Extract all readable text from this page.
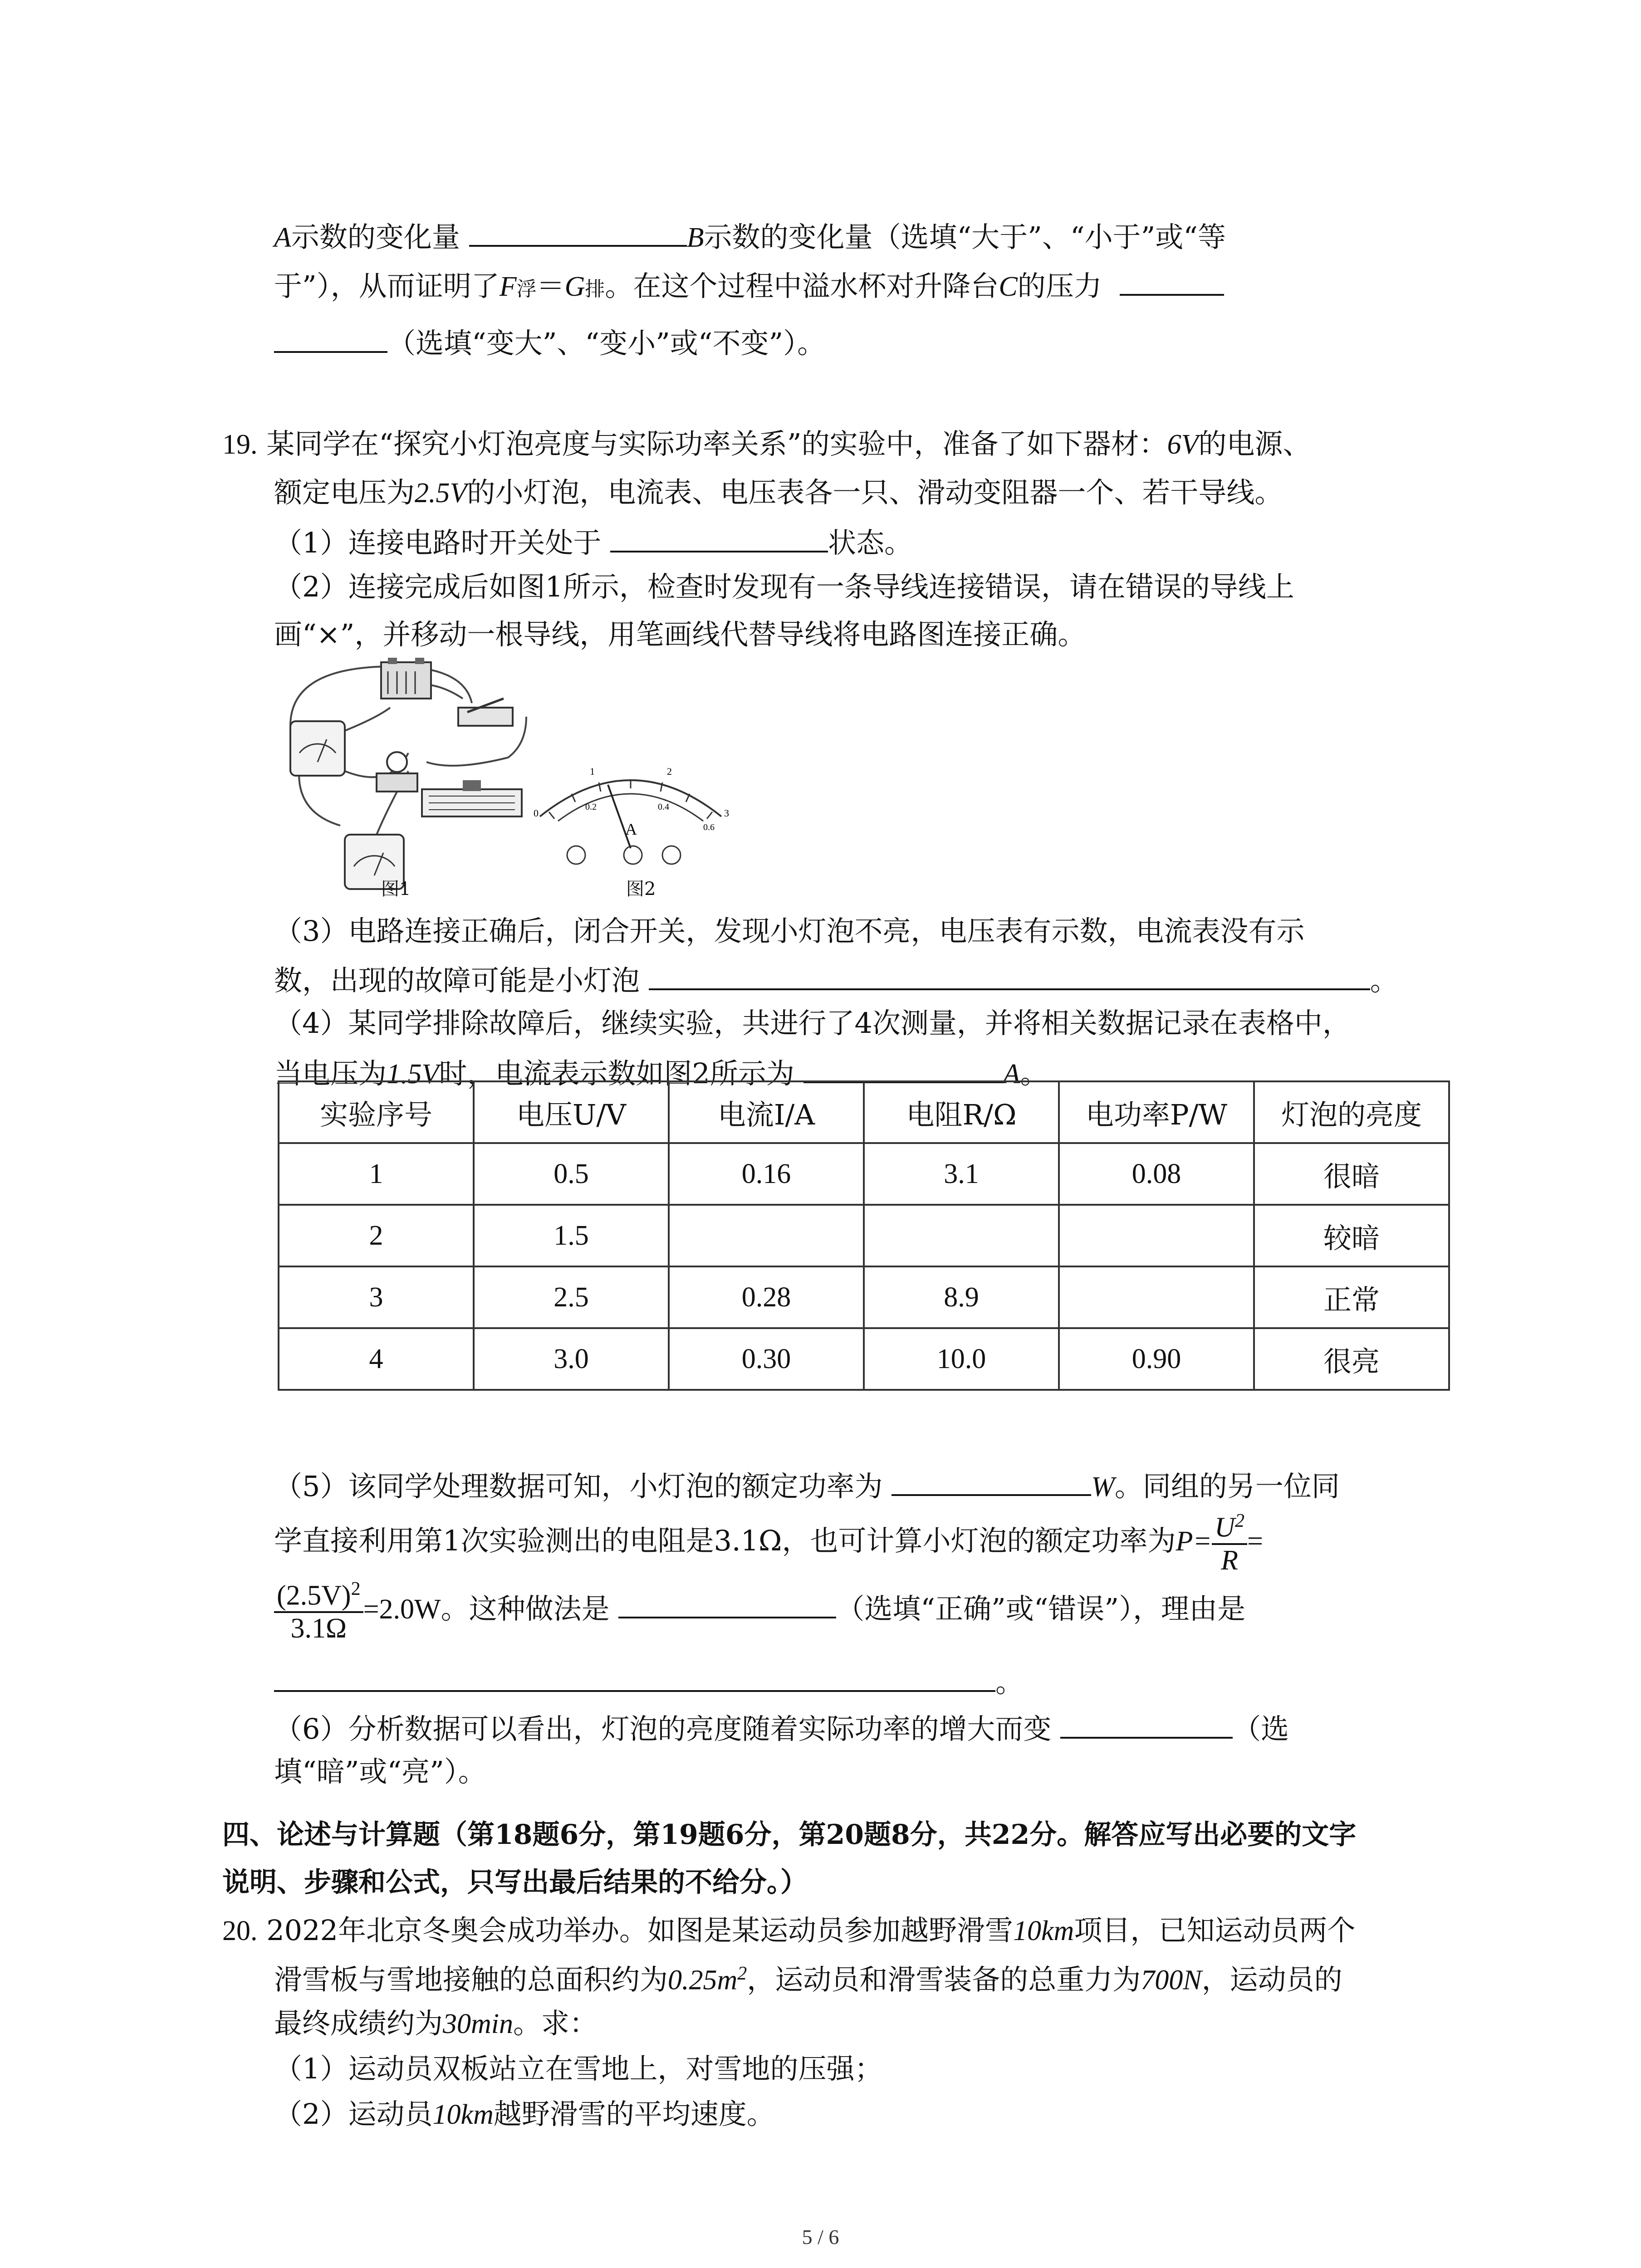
A示数的变化量	B示数的变化量（选填“大于”、“小于”或“等
于”），从而证明了F浮＝G排。在这个过程中溢水杯对升降台C的压力
（选填“变大”、“变小”或“不变”）。
19. 某同学在“探究小灯泡亮度与实际功率关系”的实验中，准备了如下器材：6V的电源、
额定电压为2.5V的小灯泡，电流表、电压表各一只、滑动变阻器一个、若干导线。
（1）连接电路时开关处于	状态。
（2）连接完成后如图1所示，检查时发现有一条导线连接错误，请在错误的导线上
画“×”，并移动一根导线，用笔画线代替导线将电路图连接正确。
图1
0
1	2
3
0.2	0.4
0.6
A
图2
（3）电路连接正确后，闭合开关，发现小灯泡不亮，电压表有示数，电流表没有示
数，出现的故障可能是小灯泡	。
（4）某同学排除故障后，继续实验，共进行了4次测量，并将相关数据记录在表格中，
当电压为1.5V时，电流表示数如图2所示为	A。
实验序号	电压U/V	电流I/A	电阻R/Ω	电功率P/W	灯泡的亮度
1	0.5	0.16	3.1	0.08	很暗
2	1.5				较暗
3	2.5	0.28	8.9		正常
4	3.0	0.30	10.0	0.90	很亮
（5）该同学处理数据可知，小灯泡的额定功率为	W。同组的另一位同
学直接利用第1次实验测出的电阻是3.1Ω，也可计算小灯泡的额定功率为$P= \frac{U^2}{R}$ =
$\frac{(2.5V)^2}{3.1\Omega} =2.0W$。这种做法是	（选填“正确”或“错误”），理由是
。
（6）分析数据可以看出，灯泡的亮度随着实际功率的增大而变	（选
填“暗”或“亮”）。
四、论述与计算题（第18题6分，第19题6分，第20题8分，共22分。解答应写出必要的文字
说明、步骤和公式，只写出最后结果的不给分。）
20. 2022年北京冬奥会成功举办。如图是某运动员参加越野滑雪10km项目，已知运动员两个
滑雪板与雪地接触的总面积约为$0.25m^2$，运动员和滑雪装备的总重力为700N，运动员的
最终成绩约为30min。求：
（1）运动员双板站立在雪地上，对雪地的压强；
（2）运动员10km越野滑雪的平均速度。
5 / 6
